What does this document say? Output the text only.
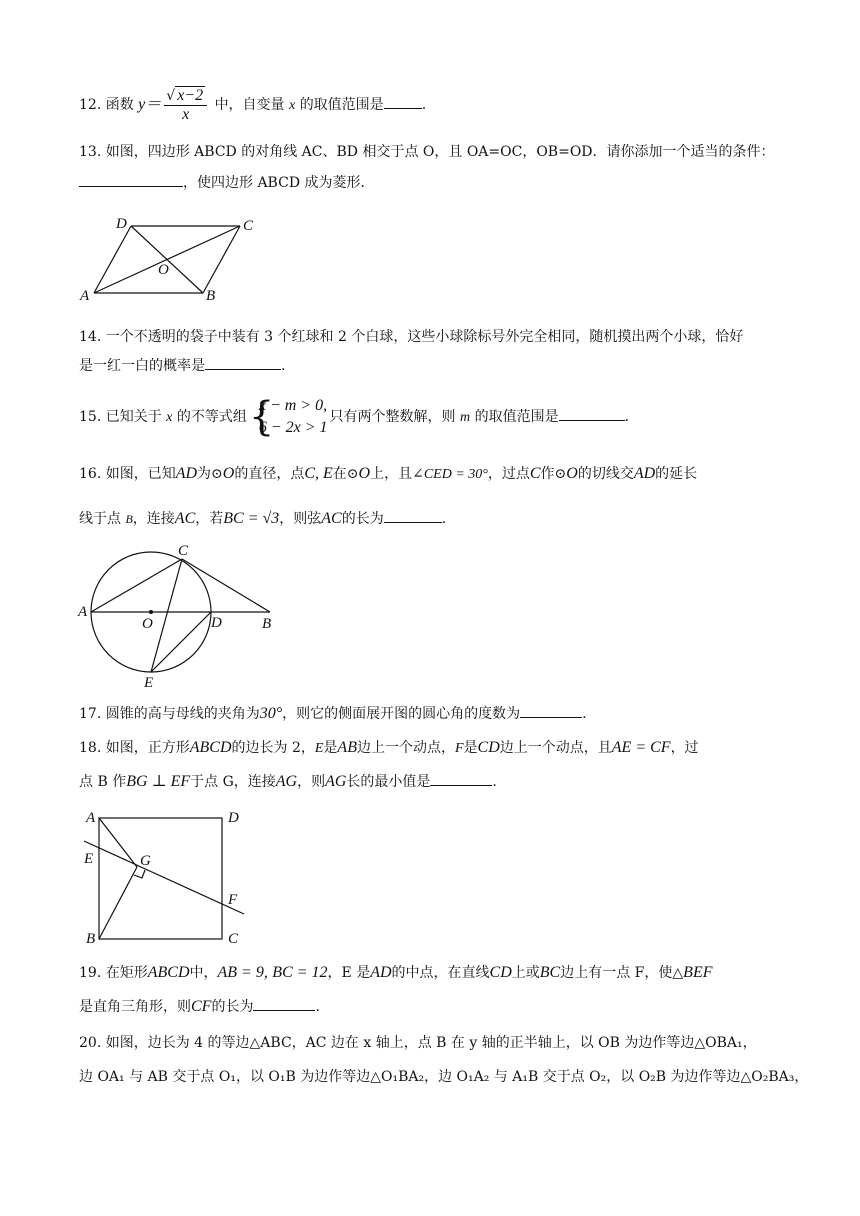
12. 函数 $y= \frac{√ x-2}{x}$ 中，自变量 x 的取值范围是	.
13. 如图，四边形 ABCD 的对角线 AC、BD 相交于点 O，且 OA=OC，OB=OD．请你添加一个适当的条件：
，使四边形 ABCD 成为菱形．
A	B
C
D
O
14. 一个不透明的袋子中装有 3 个红球和 2 个白球，这些小球除标号外完全相同，随机摸出两个小球，恰好
是一红一白的概率是	.
15. 已知关于 x 的不等式组 {
x − m > 0,
6 − 2x > 1
只有两个整数解，则 m 的取值范围是	.
16. 如图，已知AD为⊙O的直径，点C, E在⊙O上，且∠CED = 30°，过点C作⊙O的切线交AD的延长
线于点 B，连接AC，若BC = √3，则弦AC的长为	.
A
C
O	D	B
E
17. 圆锥的高与母线的夹角为30°，则它的侧面展开图的圆心角的度数为	.
18. 如图，正方形ABCD的边长为 2，E是AB边上一个动点，F是CD边上一个动点，且AE = CF，过
点 B 作BG ⊥ EF于点 G，连接AG，则AG长的最小值是	.
A	D
E	G
F
B	C
19. 在矩形ABCD中，AB = 9, BC = 12，E 是AD的中点，在直线CD上或BC边上有一点 F，使△BEF
是直角三角形，则CF的长为	.
20. 如图，边长为 4 的等边△ABC，AC 边在 x 轴上，点 B 在 y 轴的正半轴上，以 OB 为边作等边△OBA₁，
边 OA₁ 与 AB 交于点 O₁，以 O₁B 为边作等边△O₁BA₂，边 O₁A₂ 与 A₁B 交于点 O₂，以 O₂B 为边作等边△O₂BA₃，
